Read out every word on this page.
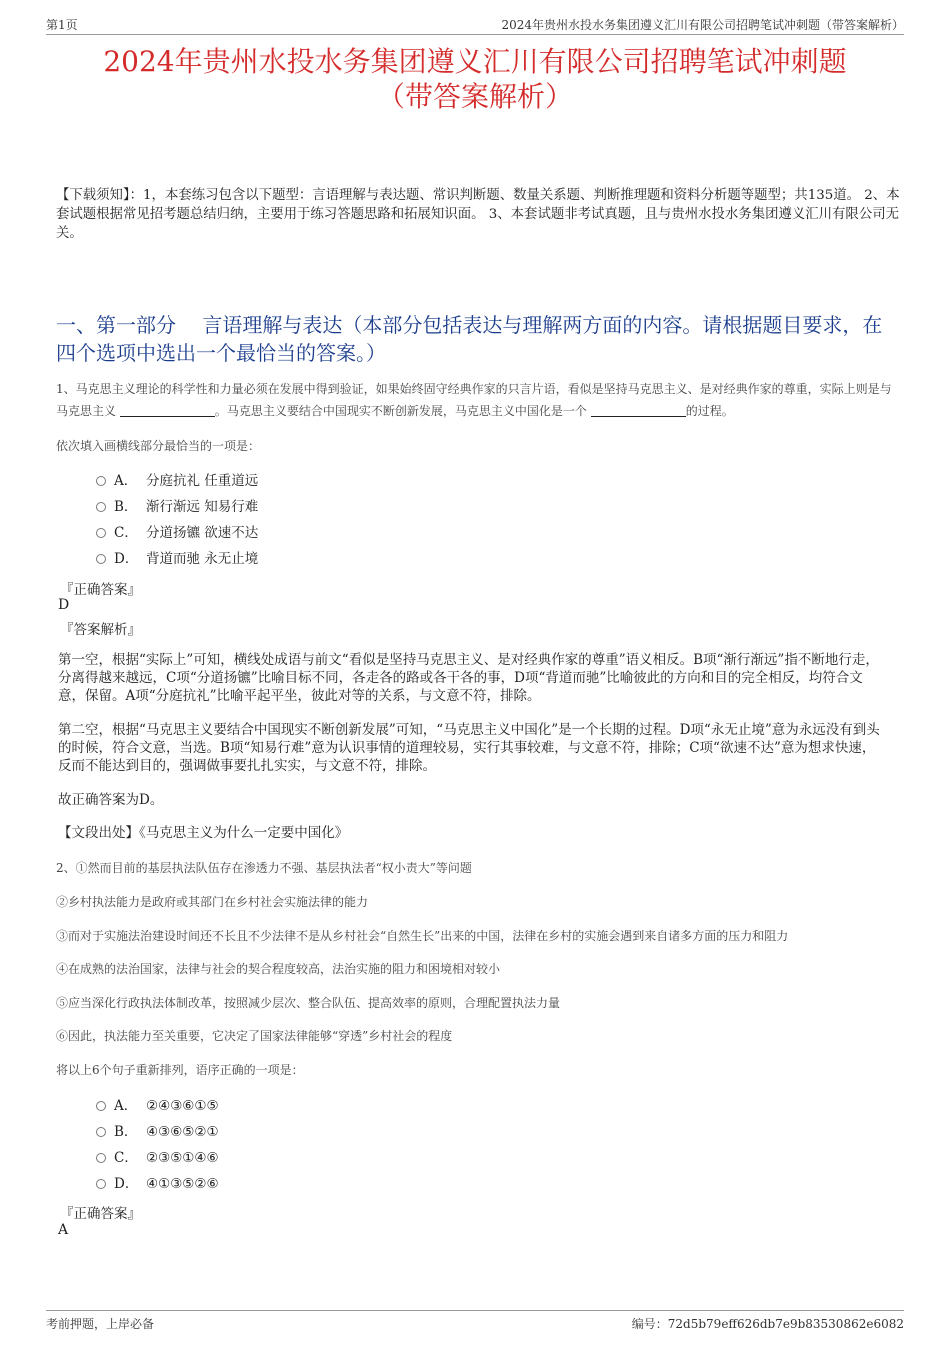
第1页	2024年贵州水投水务集团遵义汇川有限公司招聘笔试冲刺题（带答案解析）
2024年贵州水投水务集团遵义汇川有限公司招聘笔试冲刺题
（带答案解析）
【下载须知】：1，本套练习包含以下题型：言语理解与表达题、常识判断题、数量关系题、判断推理题和资料分析题等题型；共135道。 2、本套试题根据常见招考题总结归纳，主要用于练习答题思路和拓展知识面。 3、本套试题非考试真题，且与贵州水投水务集团遵义汇川有限公司无关。
一、第一部分　 言语理解与表达（本部分包括表达与理解两方面的内容。请根据题目要求，在四个选项中选出一个最恰当的答案。）
1、马克思主义理论的科学性和力量必须在发展中得到验证，如果始终固守经典作家的只言片语，看似是坚持马克思主义、是对经典作家的尊重，实际上则是与马克思主义	。马克思主义要结合中国现实不断创新发展，马克思主义中国化是一个	的过程。
依次填入画横线部分最恰当的一项是：
A． 分庭抗礼 任重道远
B． 渐行渐远 知易行难
C． 分道扬镳 欲速不达
D． 背道而驰 永无止境
『正确答案』
D
『答案解析』
第一空，根据“实际上”可知，横线处成语与前文“看似是坚持马克思主义、是对经典作家的尊重”语义相反。B项“渐行渐远”指不断地行走，分离得越来越远，C项“分道扬镳”比喻目标不同，各走各的路或各干各的事，D项“背道而驰”比喻彼此的方向和目的完全相反，均符合文意，保留。A项“分庭抗礼”比喻平起平坐，彼此对等的关系，与文意不符，排除。
第二空，根据“马克思主义要结合中国现实不断创新发展”可知，“马克思主义中国化”是一个长期的过程。D项“永无止境”意为永远没有到头的时候，符合文意，当选。B项“知易行难”意为认识事情的道理较易，实行其事较难，与文意不符，排除；C项“欲速不达”意为想求快速，反而不能达到目的，强调做事要扎扎实实，与文意不符，排除。
故正确答案为D。
【文段出处】《马克思主义为什么一定要中国化》
2、①然而目前的基层执法队伍存在渗透力不强、基层执法者“权小责大”等问题
②乡村执法能力是政府或其部门在乡村社会实施法律的能力
③而对于实施法治建设时间还不长且不少法律不是从乡村社会“自然生长”出来的中国，法律在乡村的实施会遇到来自诸多方面的压力和阻力
④在成熟的法治国家，法律与社会的契合程度较高，法治实施的阻力和困境相对较小
⑤应当深化行政执法体制改革，按照减少层次、整合队伍、提高效率的原则，合理配置执法力量
⑥因此，执法能力至关重要，它决定了国家法律能够“穿透”乡村社会的程度
将以上6个句子重新排列，语序正确的一项是：
A． ②④③⑥①⑤
B． ④③⑥⑤②①
C． ②③⑤①④⑥
D． ④①③⑤②⑥
『正确答案』
A
考前押题，上岸必备	编号：72d5b79eff626db7e9b83530862e6082
